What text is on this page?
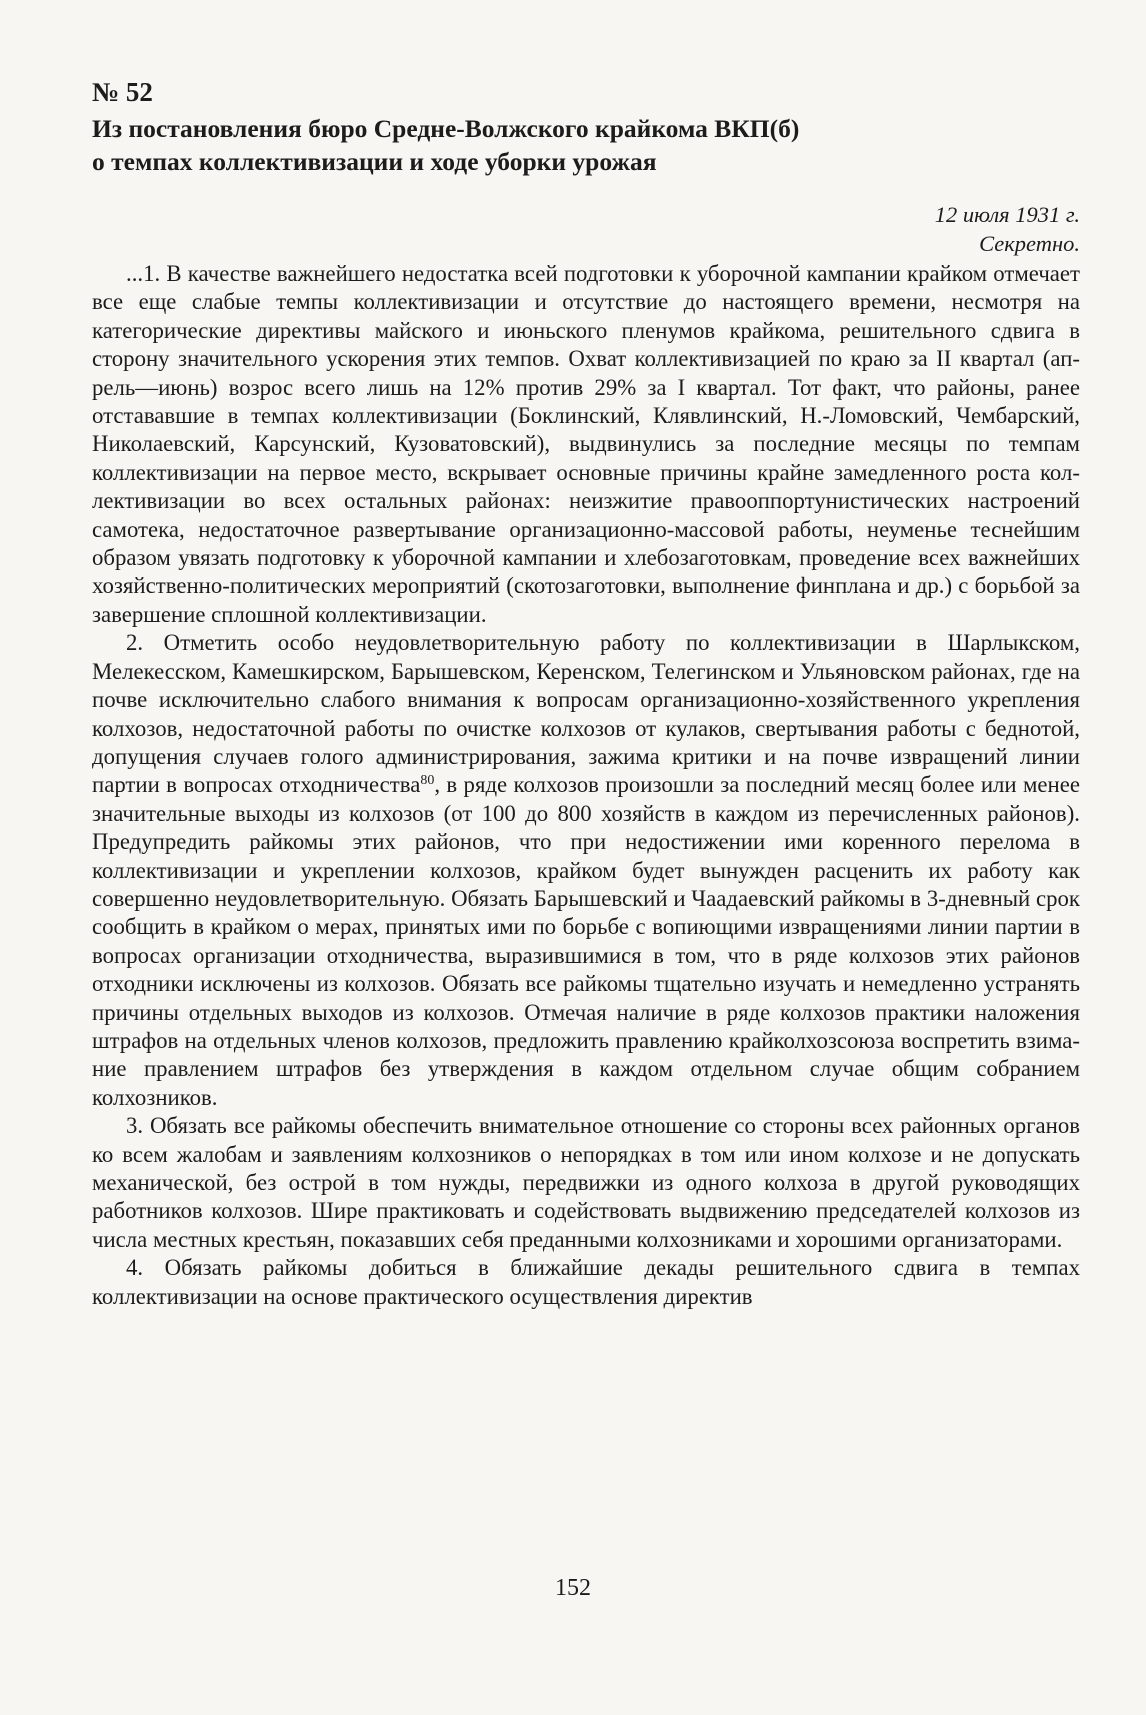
№ 52
Из постановления бюро Средне-Волжского крайкома ВКП(б)
о темпах коллективизации и ходе уборки урожая
12 июля 1931 г.
Секретно.

...1. В качестве важнейшего недостатка всей подготовки к уборочной кампании крайком отмечает все еще слабые темпы коллективизации и отсутствие до настоящего времени, несмотря на категорические директивы майского и июньского пленумов крайкома, решительного сдвига в сторону значительного ускорения этих темпов. Охват коллективизацией по краю за II квартал (апрель—июнь) возрос всего лишь на 12% против 29% за I квартал. Тот факт, что районы, ранее отстававшие в темпах коллективизации (Боклинский, Клявлинский, Н.-Ломовский, Чембарский, Николаевский, Карсунский, Кузоватовский), выдвинулись за последние месяцы по темпам коллективизации на первое место, вскрывает основные причины крайне замедленного роста коллективизации во всех остальных районах: неизжитие правооппортунистических настроений самотека, недостаточное развертывание организационно-массовой работы, неуменье теснейшим образом увязать подготовку к уборочной кампании и хлебозаготовкам, проведение всех важнейших хозяйственно-политических мероприятий (скотозаготовки, выполнение финплана и др.) с борьбой за завершение сплошной коллективизации.

2. Отметить особо неудовлетворительную работу по коллективизации в Шарлыкском, Мелекесском, Камешкирском, Барышевском, Керенском, Телегинском и Ульяновском районах, где на почве исключительно слабого внимания к вопросам организационно-хозяйственного укрепления колхозов, недостаточной работы по очистке колхозов от кулаков, свертывания работы с беднотой, допущения случаев голого администрирования, зажима критики и на почве извращений линии партии в вопросах отходничества$^{80}$, в ряде колхозов произошли за последний месяц более или менее значительные выходы из колхозов (от 100 до 800 хозяйств в каждом из перечисленных районов). Предупредить райкомы этих районов, что при недостижении ими коренного перелома в коллективизации и укреплении колхозов, крайком будет вынужден расценить их работу как совершенно неудовлетворительную. Обязать Барышевский и Чаадаевский райкомы в 3-дневный срок сообщить в крайком о мерах, принятых ими по борьбе с вопиющими извращениями линии партии в вопросах организации отходничества, выразившимися в том, что в ряде колхозов этих районов отходники исключены из колхозов. Обязать все райкомы тщательно изучать и немедленно устранять причины отдельных выходов из колхозов. Отмечая наличие в ряде колхозов практики наложения штрафов на отдельных членов колхозов, предложить правлению крайколхозсоюза воспретить взимание правлением штрафов без утверждения в каждом отдельном случае общим собранием колхозников.

3. Обязать все райкомы обеспечить внимательное отношение со стороны всех районных органов ко всем жалобам и заявлениям колхозников о непорядках в том или ином колхозе и не допускать механической, без острой в том нужды, передвижки из одного колхоза в другой руководящих работников колхозов. Шире практиковать и содействовать выдвижению председателей колхозов из числа местных крестьян, показавших себя преданными колхозниками и хорошими организаторами.

4. Обязать райкомы добиться в ближайшие декады решительного сдвига в темпах коллективизации на основе практического осуществления директив

152
